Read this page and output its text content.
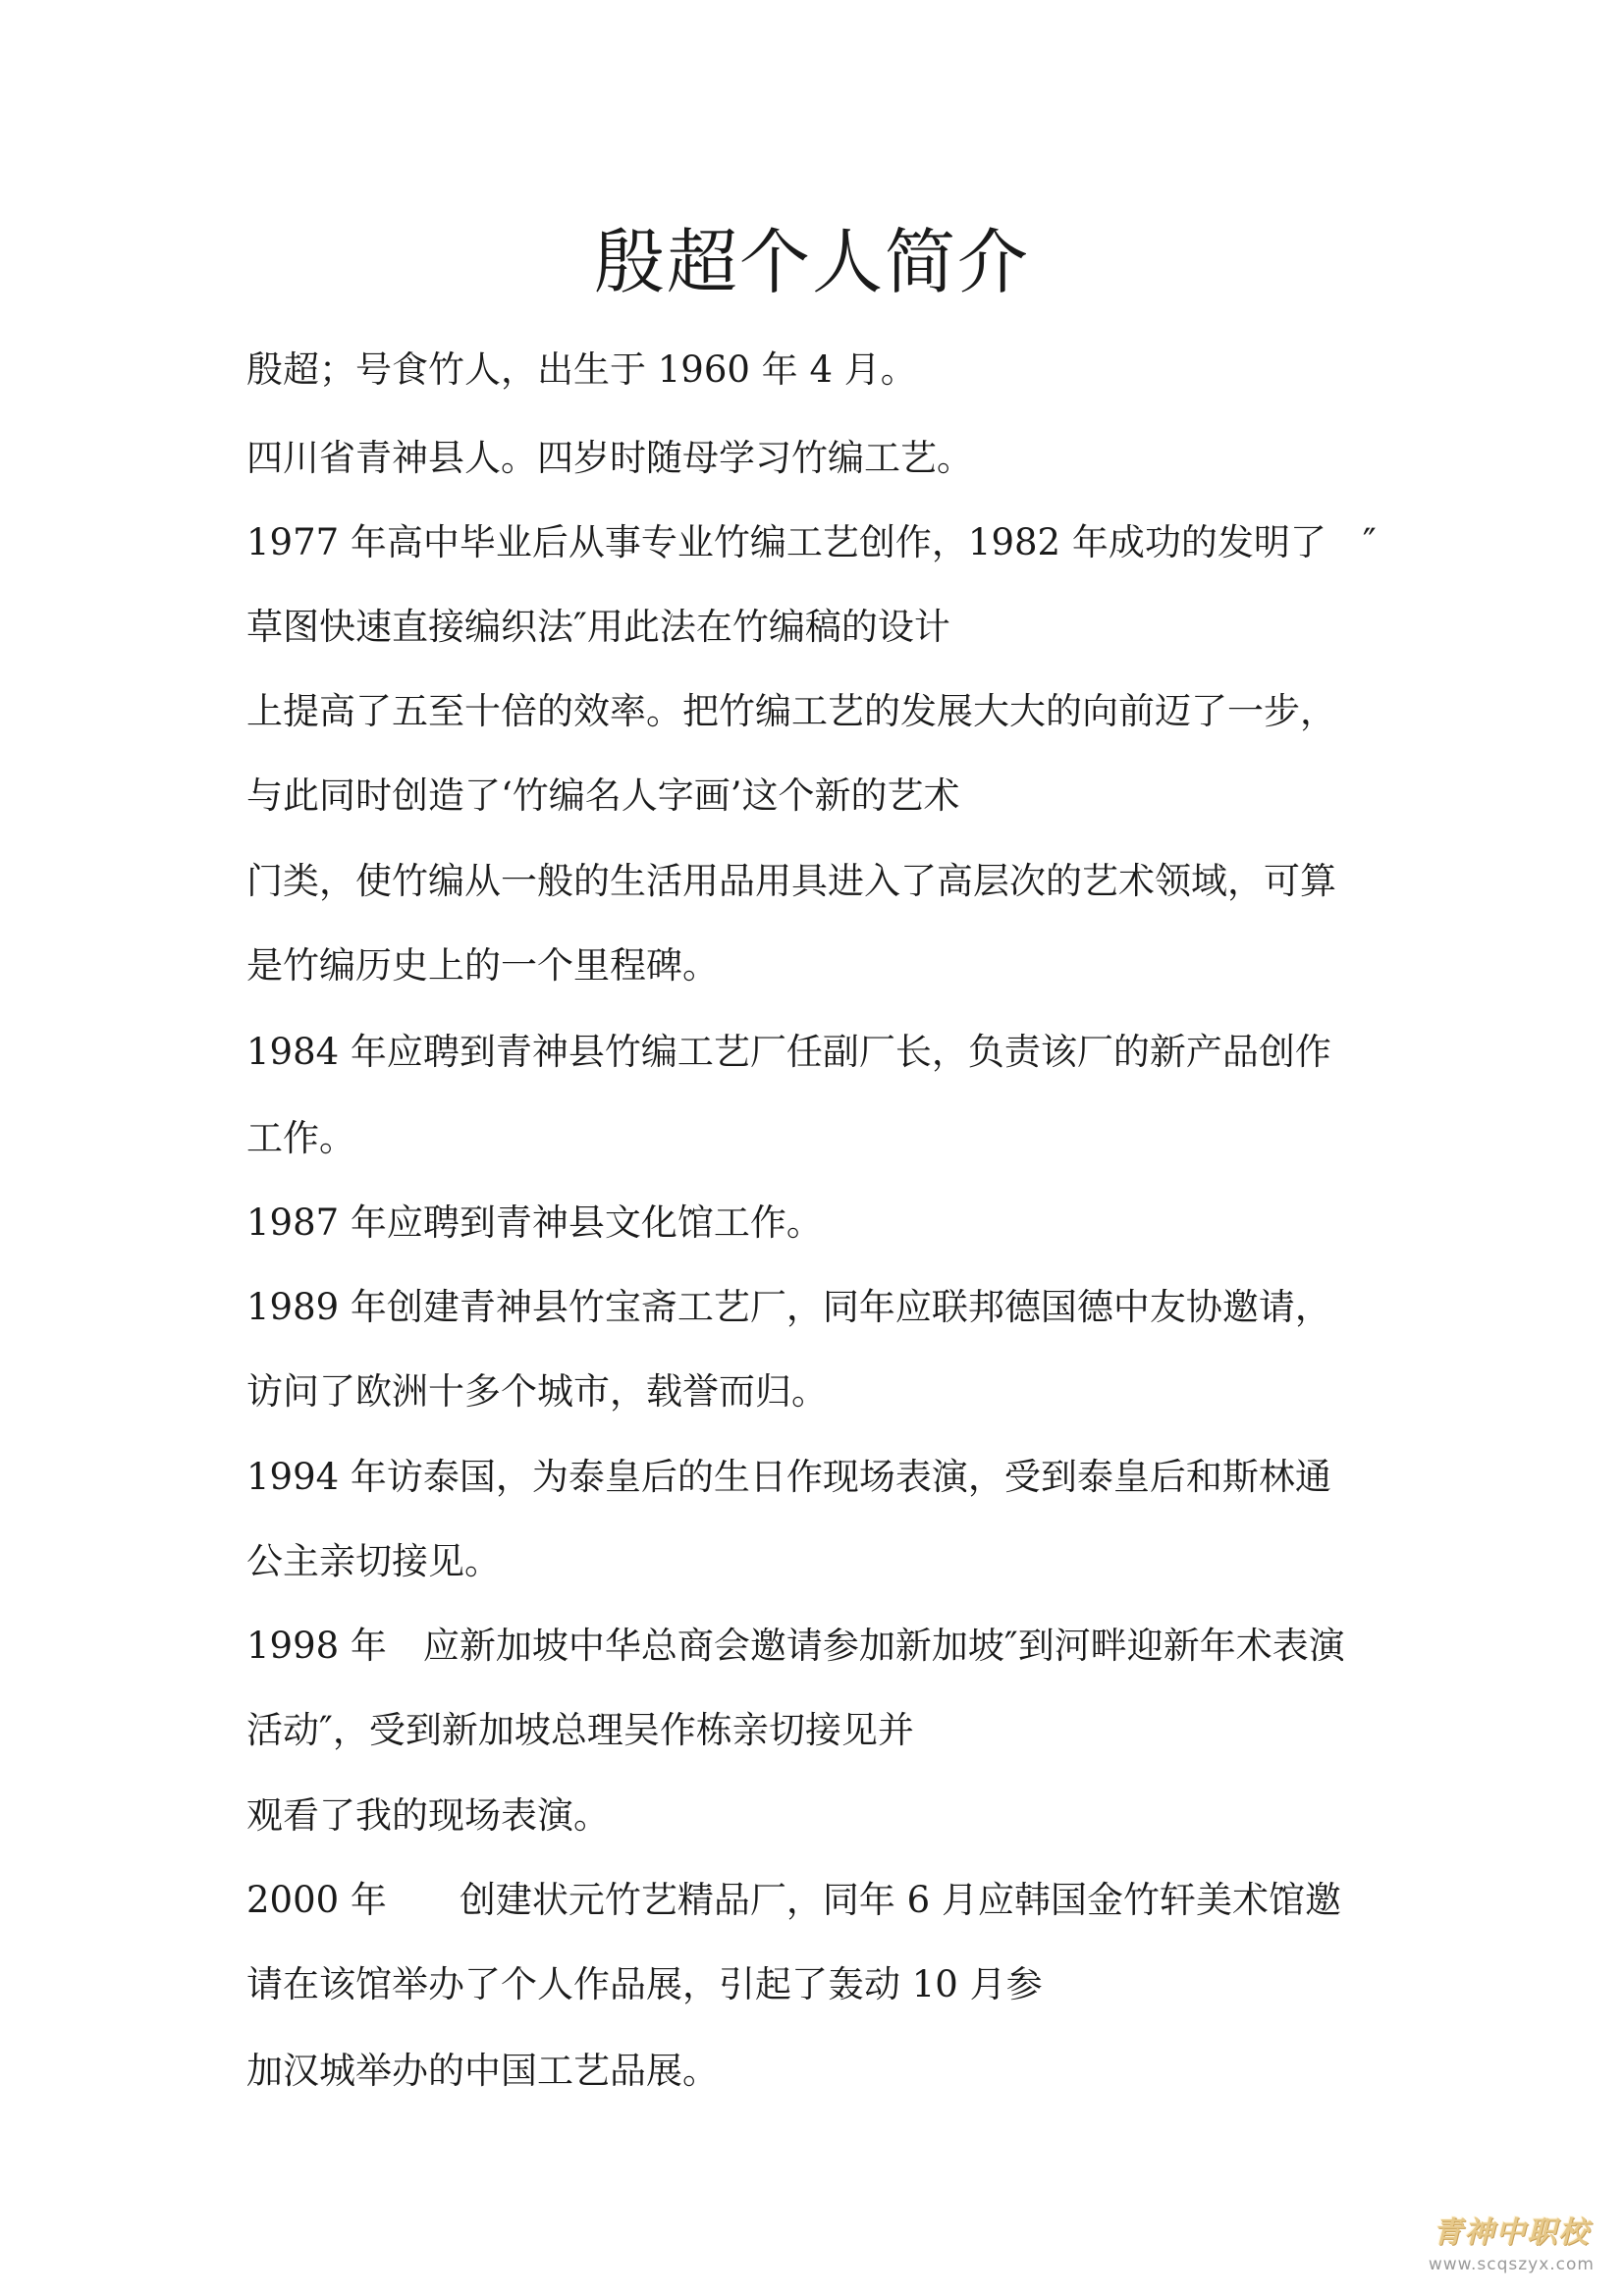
殷超个人简介

殷超；号食竹人，出生于 1960 年 4 月。

四川省青神县人。四岁时随母学习竹编工艺。

1977 年高中毕业后从事专业竹编工艺创作，1982 年成功的发明了　″

草图快速直接编织法″用此法在竹编稿的设计

上提高了五至十倍的效率。把竹编工艺的发展大大的向前迈了一步，

与此同时创造了‘竹编名人字画’这个新的艺术

门类，使竹编从一般的生活用品用具进入了高层次的艺术领域，可算

是竹编历史上的一个里程碑。

1984 年应聘到青神县竹编工艺厂任副厂长，负责该厂的新产品创作

工作。

1987 年应聘到青神县文化馆工作。

1989 年创建青神县竹宝斋工艺厂，同年应联邦德国德中友协邀请，

访问了欧洲十多个城市，载誉而归。

1994 年访泰国，为泰皇后的生日作现场表演，受到泰皇后和斯林通

公主亲切接见。

1998 年　应新加坡中华总商会邀请参加新加坡″到河畔迎新年术表演

活动″，受到新加坡总理吴作栋亲切接见并

观看了我的现场表演。

2000 年　　创建状元竹艺精品厂，同年 6 月应韩国金竹轩美术馆邀

请在该馆举办了个人作品展，引起了轰动 10 月参

加汉城举办的中国工艺品展。

青神中职校
www.scqszyx.com
